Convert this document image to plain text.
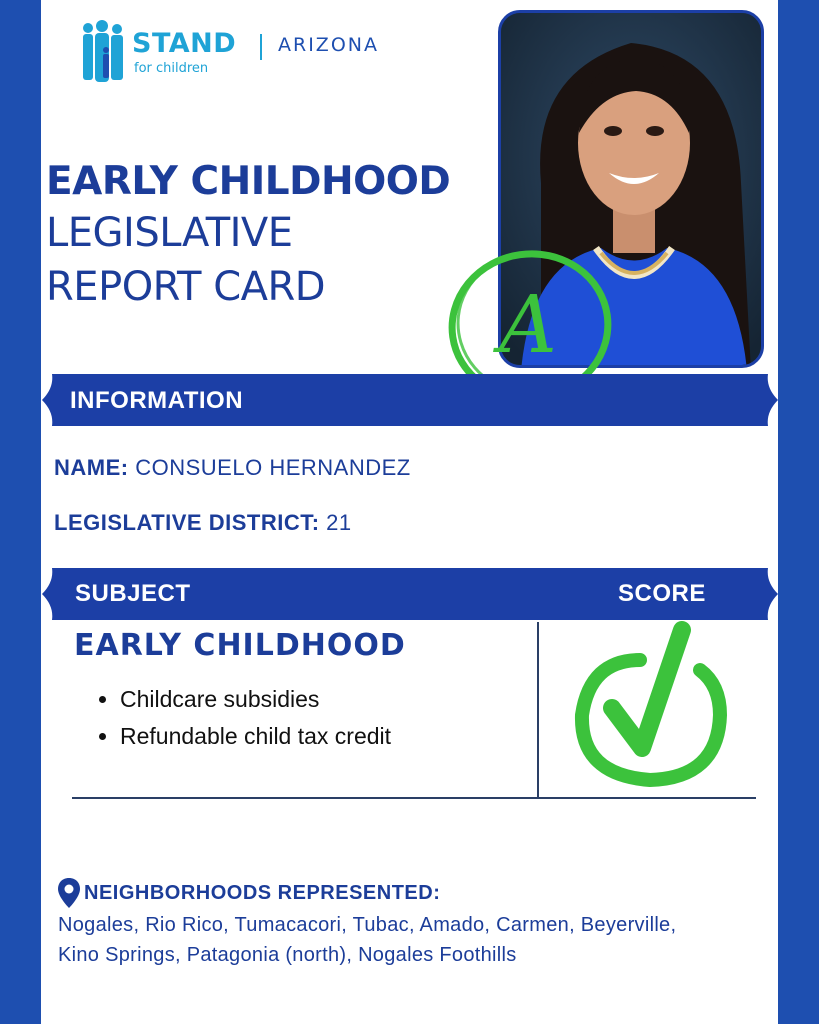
STAND
for children
ARIZONA
EARLY CHILDHOOD
LEGISLATIVE
REPORT CARD	A
INFORMATION
NAME: CONSUELO HERNANDEZ
LEGISLATIVE DISTRICT: 21
SUBJECT	SCORE
EARLY CHILDHOOD
• Childcare subsidies
• Refundable child tax credit
NEIGHBORHOODS REPRESENTED:
Nogales, Rio Rico, Tumacacori, Tubac, Amado, Carmen, Beyerville,
Kino Springs, Patagonia (north), Nogales Foothills
